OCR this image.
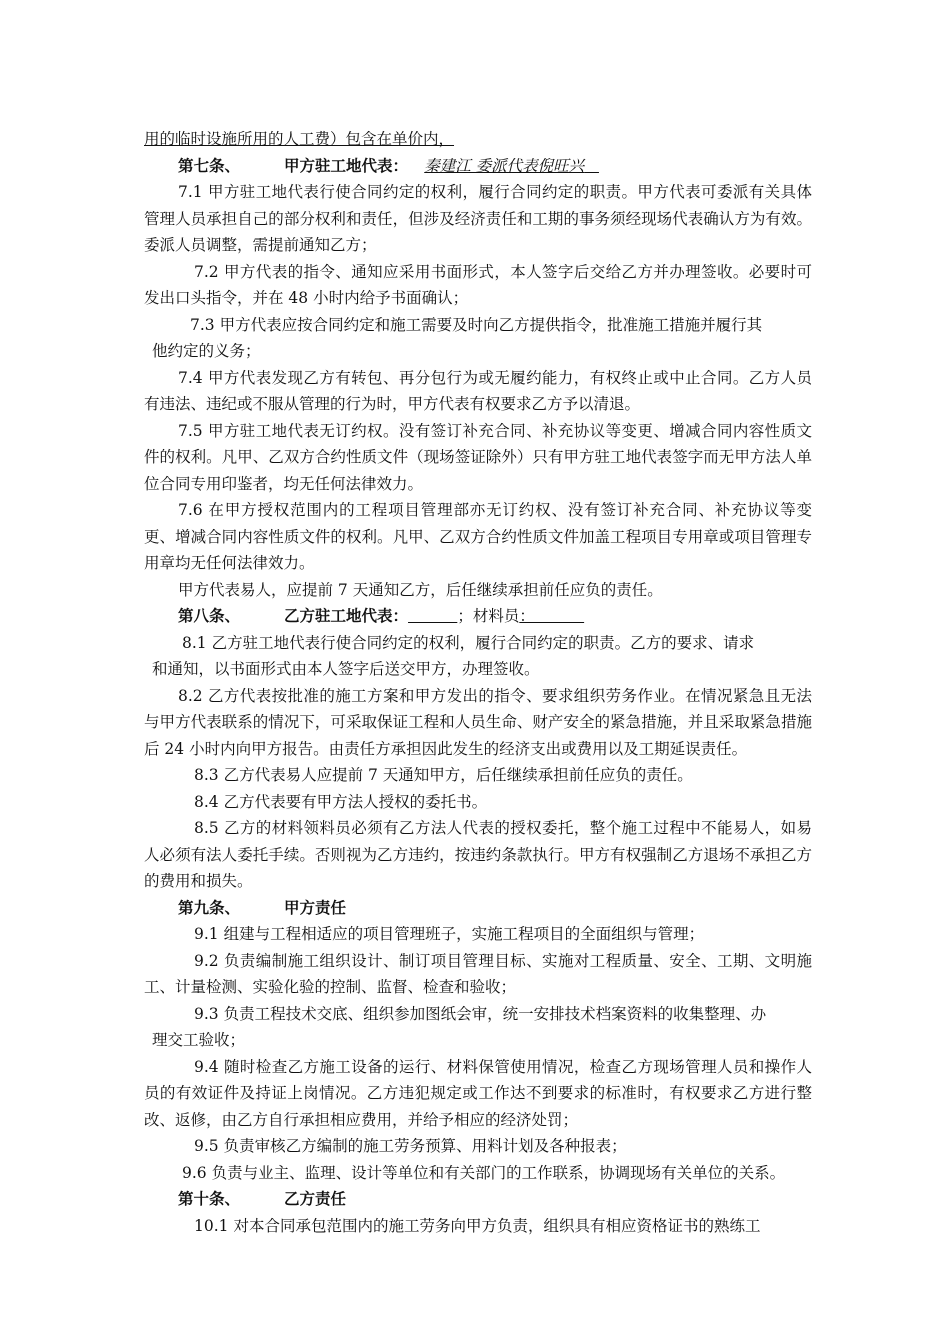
用的临时设施所用的人工费）包含在单价内，

第七条、	甲方驻工地代表： 秦建江 委派代表倪旺兴

7.1 甲方驻工地代表行使合同约定的权利，履行合同约定的职责。甲方代表可委派有关具体管理人员承担自己的部分权利和责任，但涉及经济责任和工期的事务须经现场代表确认方为有效。委派人员调整，需提前通知乙方；

7.2 甲方代表的指令、通知应采用书面形式，本人签字后交给乙方并办理签收。必要时可发出口头指令，并在 48 小时内给予书面确认；

7.3 甲方代表应按合同约定和施工需要及时向乙方提供指令，批准施工措施并履行其

他约定的义务；

7.4 甲方代表发现乙方有转包、再分包行为或无履约能力，有权终止或中止合同。乙方人员有违法、违纪或不服从管理的行为时，甲方代表有权要求乙方予以清退。

7.5 甲方驻工地代表无订约权。没有签订补充合同、补充协议等变更、增减合同内容性质文件的权利。凡甲、乙双方合约性质文件（现场签证除外）只有甲方驻工地代表签字而无甲方法人单位合同专用印鉴者，均无任何法律效力。

7.6 在甲方授权范围内的工程项目管理部亦无订约权、没有签订补充合同、补充协议等变更、增减合同内容性质文件的权利。凡甲、乙双方合约性质文件加盖工程项目专用章或项目管理专用章均无任何法律效力。

甲方代表易人，应提前 7 天通知乙方，后任继续承担前任应负的责任。

第八条、	乙方驻工地代表：	；材料员：

8.1 乙方驻工地代表行使合同约定的权利，履行合同约定的职责。乙方的要求、请求

和通知，以书面形式由本人签字后送交甲方，办理签收。

8.2 乙方代表按批准的施工方案和甲方发出的指令、要求组织劳务作业。在情况紧急且无法与甲方代表联系的情况下，可采取保证工程和人员生命、财产安全的紧急措施，并且采取紧急措施后 24 小时内向甲方报告。由责任方承担因此发生的经济支出或费用以及工期延误责任。

8.3 乙方代表易人应提前 7 天通知甲方，后任继续承担前任应负的责任。

8.4 乙方代表要有甲方法人授权的委托书。

8.5 乙方的材料领料员必须有乙方法人代表的授权委托，整个施工过程中不能易人，如易人必须有法人委托手续。否则视为乙方违约，按违约条款执行。甲方有权强制乙方退场不承担乙方的费用和损失。

第九条、	甲方责任

9.1 组建与工程相适应的项目管理班子，实施工程项目的全面组织与管理；

9.2 负责编制施工组织设计、制订项目管理目标、实施对工程质量、安全、工期、文明施工、计量检测、实验化验的控制、监督、检查和验收；

9.3 负责工程技术交底、组织参加图纸会审，统一安排技术档案资料的收集整理、办

理交工验收；

9.4 随时检查乙方施工设备的运行、材料保管使用情况，检查乙方现场管理人员和操作人员的有效证件及持证上岗情况。乙方违犯规定或工作达不到要求的标准时，有权要求乙方进行整改、返修，由乙方自行承担相应费用，并给予相应的经济处罚；

9.5 负责审核乙方编制的施工劳务预算、用料计划及各种报表；

9.6 负责与业主、监理、设计等单位和有关部门的工作联系，协调现场有关单位的关系。

第十条、	乙方责任

10.1 对本合同承包范围内的施工劳务向甲方负责，组织具有相应资格证书的熟练工
